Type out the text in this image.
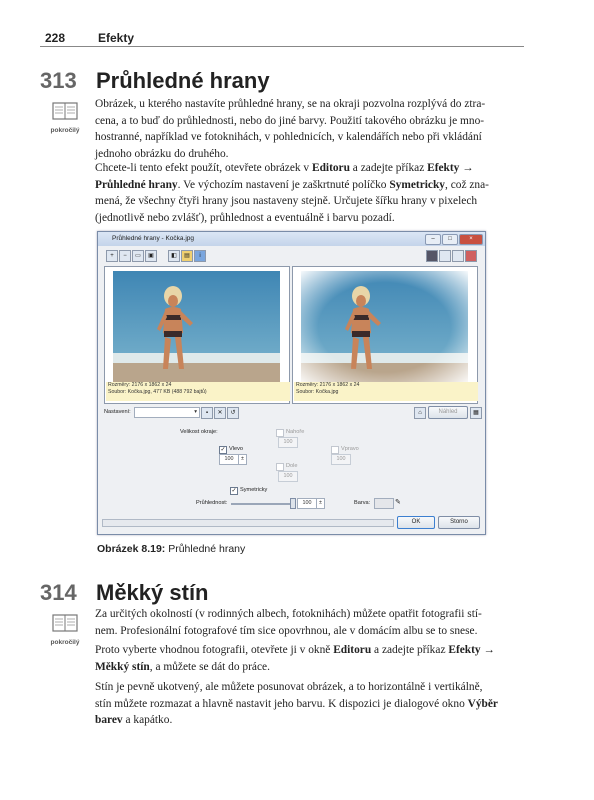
228	Efekty
313 Průhledné hrany
pokročilý
Obrázek, u kterého nastavíte průhledné hrany, se na okraji pozvolna rozplývá do ztra-
cena, a to buď do průhlednosti, nebo do jiné barvy. Použití takového obrázku je mno-
hostranné, například ve fotoknihách, v pohlednicích, v kalendářích nebo při vkládání
jednoho obrázku do druhého.
Chcete-li tento efekt použít, otevřete obrázek v Editoru a zadejte příkaz Efekty →
Průhledné hrany. Ve výchozím nastavení je zaškrtnuté políčko Symetricky, což zna-
mená, že všechny čtyři hrany jsou nastaveny stejně. Určujete šířku hrany v pixelech
(jednotlivě nebo zvlášť), průhlednost a eventuálně i barvu pozadí.
Průhledné hrany - Kočka.jpg	–	□	×
+	−	▭	▣	◧	▤	i
Rozměry: 2176 x 1862 x 24
Soubor: Kočka.jpg, 477 KB (488 792 bajtů)
Rozměry: 2176 x 1862 x 24
Soubor: Kočka.jpg
Nastavení:	▾	▪	✕	↺	⌂	Náhled	▦
Velikost okraje:	Nahoře
100
✓ Vlevo
100	±
Vpravo
100
Dole
100
✓ Symetricky
Průhlednost:	100	±	Barva:	✎
OK	Storno
Obrázek 8.19: Průhledné hrany
314 Měkký stín
pokročilý
Za určitých okolností (v rodinných albech, fotoknihách) můžete opatřit fotografii stí-
nem. Profesionální fotografové tím sice opovrhnou, ale v domácím albu se to snese.
Proto vyberte vhodnou fotografii, otevřete ji v okně Editoru a zadejte příkaz Efekty →
Měkký stín, a můžete se dát do práce.
Stín je pevně ukotvený, ale můžete posunovat obrázek, a to horizontálně i vertikálně,
stín můžete rozmazat a hlavně nastavit jeho barvu. K dispozici je dialogové okno Výběr
barev a kapátko.
